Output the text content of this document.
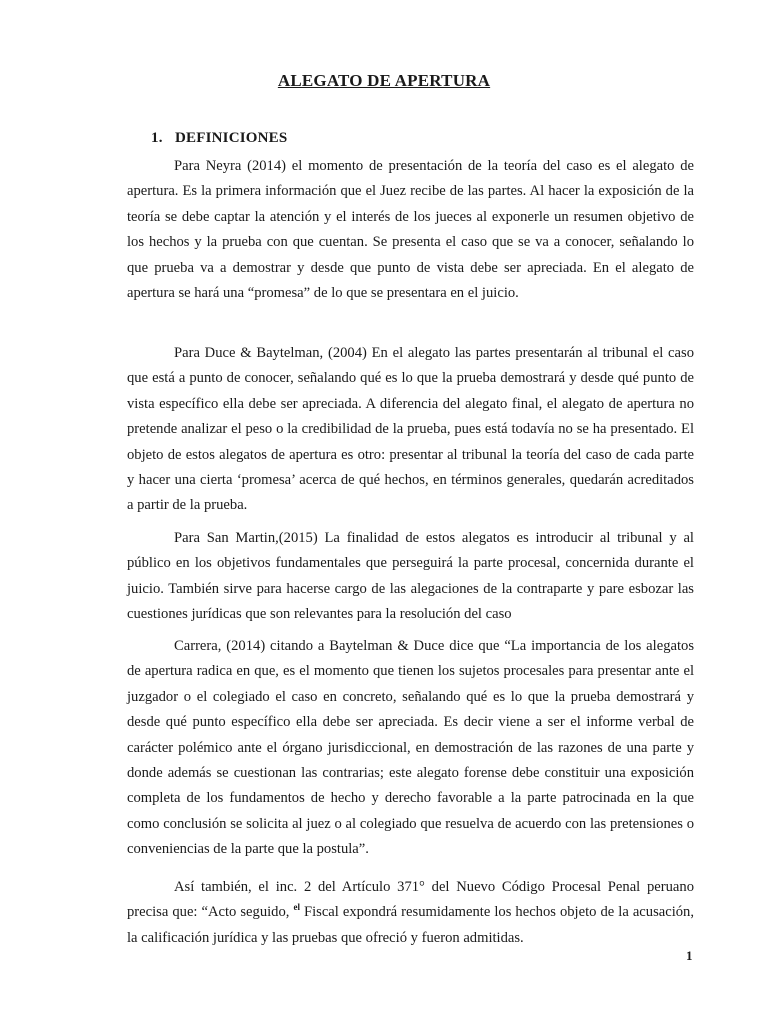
ALEGATO DE APERTURA
1. DEFINICIONES

Para Neyra (2014) el momento de presentación de la teoría del caso es el alegato de apertura. Es la primera información que el Juez recibe de las partes. Al hacer la exposición de la teoría se debe captar la atención y el interés de los jueces al exponerle un resumen objetivo de los hechos y la prueba con que cuentan. Se presenta el caso que se va a conocer, señalando lo que prueba va a demostrar y desde que punto de vista debe ser apreciada. En el alegato de apertura se hará una “promesa” de lo que se presentara en el juicio.

Para Duce & Baytelman, (2004) En el alegato las partes presentarán al tribunal el caso que está a punto de conocer, señalando qué es lo que la prueba demostrará y desde qué punto de vista específico ella debe ser apreciada. A diferencia del alegato final, el alegato de apertura no pretende analizar el peso o la credibilidad de la prueba, pues está todavía no se ha presentado. El objeto de estos alegatos de apertura es otro: presentar al tribunal la teoría del caso de cada parte y hacer una cierta ‘promesa’ acerca de qué hechos, en términos generales, quedarán acreditados a partir de la prueba.

Para San Martin,(2015) La finalidad de estos alegatos es introducir al tribunal y al público en los objetivos fundamentales que perseguirá la parte procesal, concernida durante el juicio. También sirve para hacerse cargo de las alegaciones de la contraparte y pare esbozar las cuestiones jurídicas que son relevantes para la resolución del caso

Carrera, (2014) citando a Baytelman & Duce dice que “La importancia de los alegatos de apertura radica en que, es el momento que tienen los sujetos procesales para presentar ante el juzgador o el colegiado el caso en concreto, señalando qué es lo que la prueba demostrará y desde qué punto específico ella debe ser apreciada. Es decir viene a ser el informe verbal de carácter polémico ante el órgano jurisdiccional, en demostración de las razones de una parte y donde además se cuestionan las contrarias; este alegato forense debe constituir una exposición completa de los fundamentos de hecho y derecho favorable a la parte patrocinada en la que como conclusión se solicita al juez o al colegiado que resuelva de acuerdo con las pretensiones o conveniencias de la parte que la postula”.

Así también, el inc. 2 del Artículo 371° del Nuevo Código Procesal Penal peruano precisa que: “Acto seguido, $^{el}$ Fiscal expondrá resumidamente los hechos objeto de la acusación, la calificación jurídica y las pruebas que ofreció y fueron admitidas.

1
